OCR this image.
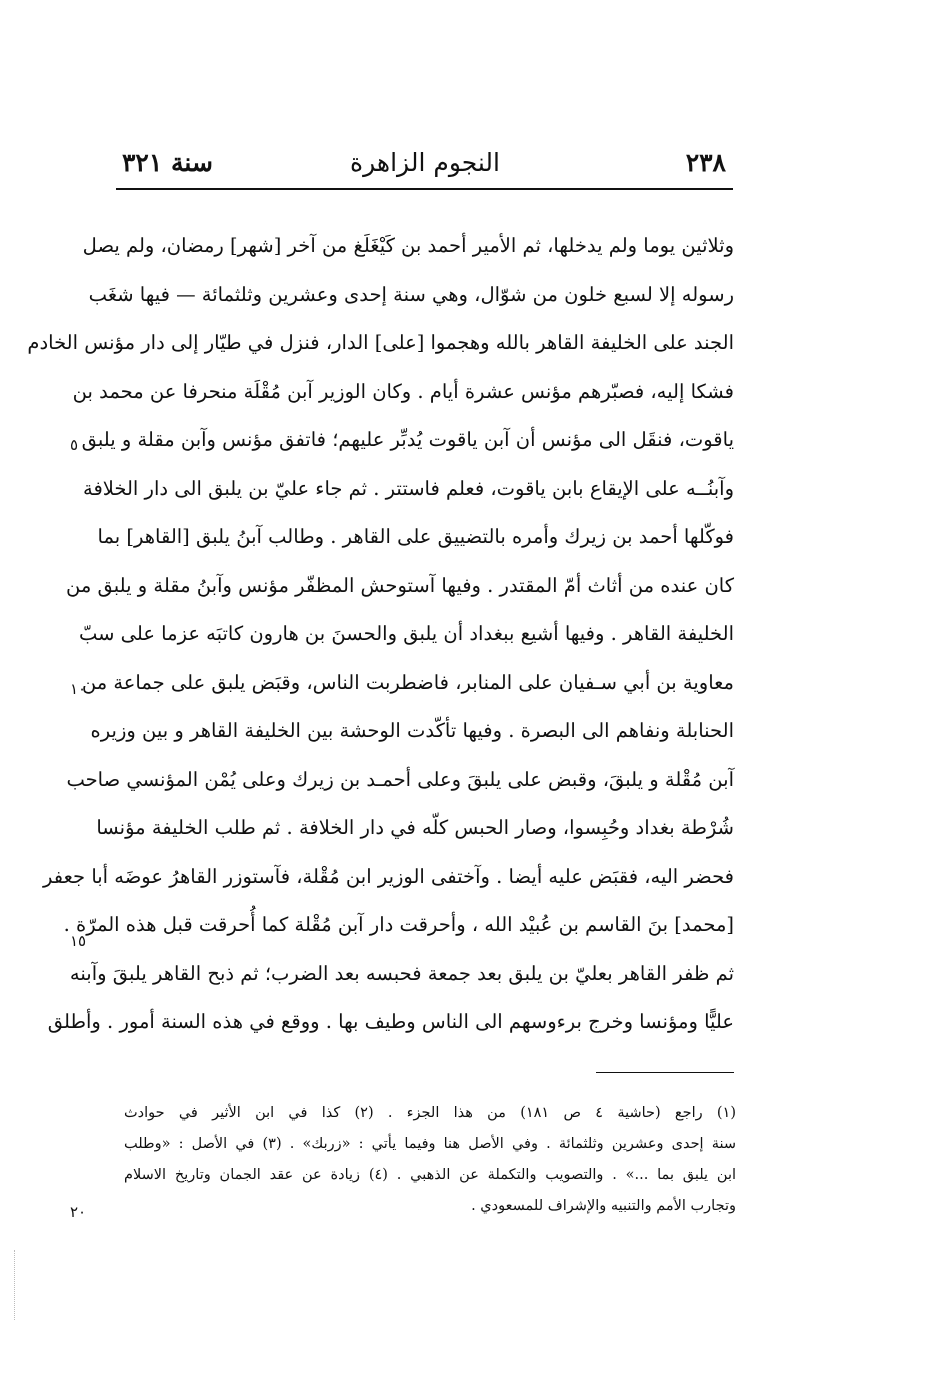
٢٣٨
النجوم الزاهرة
سنة ٣٢١
وثلاثين يوما ولم يدخلها، ثم الأمير أحمد بن كَيْغَلَغ من آخر [شهر] رمضان، ولم يصل
رسوله إلا لسبع خلون من شوّال، وهي سنة إحدى وعشرين وثلثمائة — فيها شغَب
الجند على الخليفة القاهر بالله وهجموا [على] الدار، فنزل في طيّار إلى دار مؤنس الخادم
فشكا إليه، فصبّرهم مؤنس عشرة أيام . وكان الوزير آبن مُقْلَة منحرفا عن محمد بن
ياقوت، فنقَل الى مؤنس أن آبن ياقوت يُدبِّر عليهم؛ فاتفق مؤنس وآبن مقلة و يلبق
وآبنُــه على الإيقاع بابن ياقوت، فعلم فاستتر . ثم جاء عليّ بن يلبق الى دار الخلافة
فوكّلها أحمد بن زيرك وأمره بالتضييق على القاهر . وطالب آبنُ يلبق [القاهر] بما
كان عنده من أثاث أمّ المقتدر . وفيها آستوحش المظفّر مؤنس وآبنُ مقلة و يلبق من
الخليفة القاهر . وفيها أشيع ببغداد أن يلبق والحسنَ بن هارون كاتبَه عزما على سبّ
معاوية بن أبي سـفيان على المنابر، فاضطربت الناس، وقبَض يلبق على جماعة من
الحنابلة ونفاهم الى البصرة . وفيها تأكّدت الوحشة بين الخليفة القاهر و بين وزيره
آبن مُقْلة و يلبقَ، وقبض على يلبقَ وعلى أحمـد بن زيرك وعلى يُمْن المؤنسي صاحب
شُرْطة بغداد وحُبِسوا، وصار الحبس كلّه في دار الخلافة . ثم طلب الخليفة مؤنسا
فحضر اليه، فقبَض عليه أيضا . وآختفى الوزير ابن مُقْلة، فآستوزر القاهرُ عوضَه أبا جعفر
[محمد] بنَ القاسم بن عُبيْد الله ، وأحرقت دار آبن مُقْلة كما أُحرقت قبل هذه المرّة .
ثم ظفر القاهر بعليّ بن يلبق بعد جمعة فحبسه بعد الضرب؛ ثم ذبح القاهر يلبقَ وآبنه
عليًّا ومؤنسا وخرج برءوسهم الى الناس وطيف بها . ووقع في هذه السنة أمور . وأطلق
٥
١٠
١٥
٢٠
(١) راجع (حاشية ٤ ص ١٨١) من هذا الجزء . (٢) كذا في ابن الأثير في حوادث
سنة إحدى وعشرين وثلثمائة . وفي الأصل هنا وفيما يأتي : «زربك» . (٣) في الأصل : «وطلب
ابن يلبق بما ...» . والتصويب والتكملة عن الذهبي . (٤) زيادة عن عقد الجمان وتاريخ الاسلام
وتجارب الأمم والتنبيه والإشراف للمسعودي .
